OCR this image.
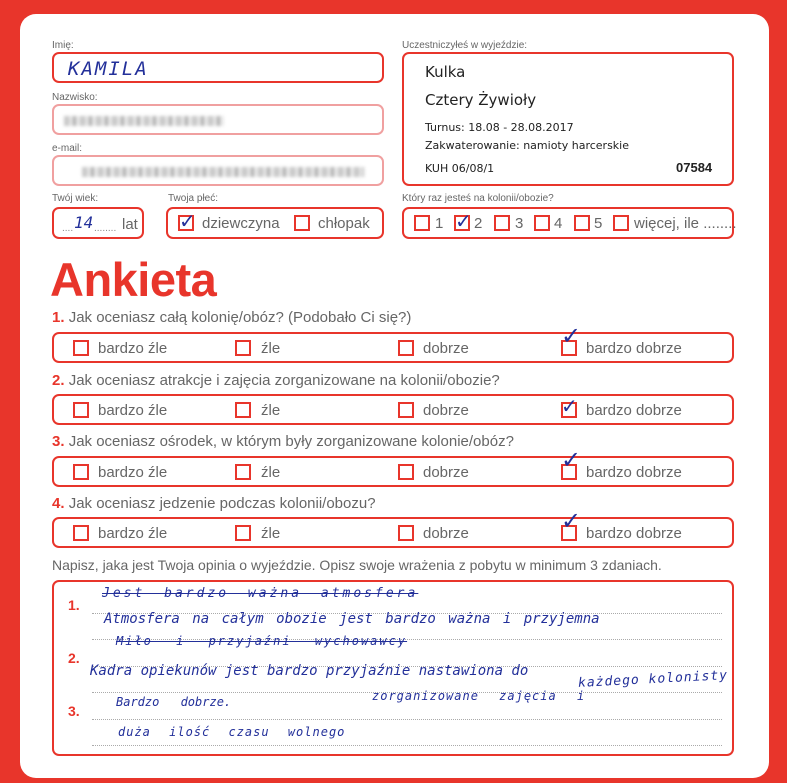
Imię:
KAMILA
Nazwisko:
e-mail:
Twój wiek:
.... 14 ........ lat
Twoja płeć:
✓ dziewczyna	chłopak
Uczestniczyłeś w wyjeździe:
Kulka
Cztery Żywioły
Turnus: 18.08 - 28.08.2017
Zakwaterowanie: namioty harcerskie
KUH 06/08/1	07584
Który raz jesteś na kolonii/obozie?
1 ✓ 2 3 4 5 więcej, ile ........
Ankieta
1. Jak oceniasz całą kolonię/obóz? (Podobało Ci się?)
bardzo źle	źle	dobrze	✓ bardzo dobrze
2. Jak oceniasz atrakcje i zajęcia zorganizowane na kolonii/obozie?
bardzo źle	źle	dobrze	✓ bardzo dobrze
3. Jak oceniasz ośrodek, w którym były zorganizowane kolonie/obóz?
bardzo źle	źle	dobrze	✓ bardzo dobrze
4. Jak oceniasz jedzenie podczas kolonii/obozu?
bardzo źle	źle	dobrze	✓ bardzo dobrze
Napisz, jaka jest Twoja opinia o wyjeździe. Opisz swoje wrażenia z pobytu w minimum 3 zdaniach.
1.
2.
3.
Jest bardzo ważna atmosfera
Atmosfera na całym obozie jest bardzo ważna i przyjemna
Miło i przyjaźni wychowawcy
Kadra opiekunów jest bardzo przyjaźnie nastawiona do	każdego kolonisty
Bardzo dobrze.	zorganizowane zajęcia i
duża ilość czasu wolnego
